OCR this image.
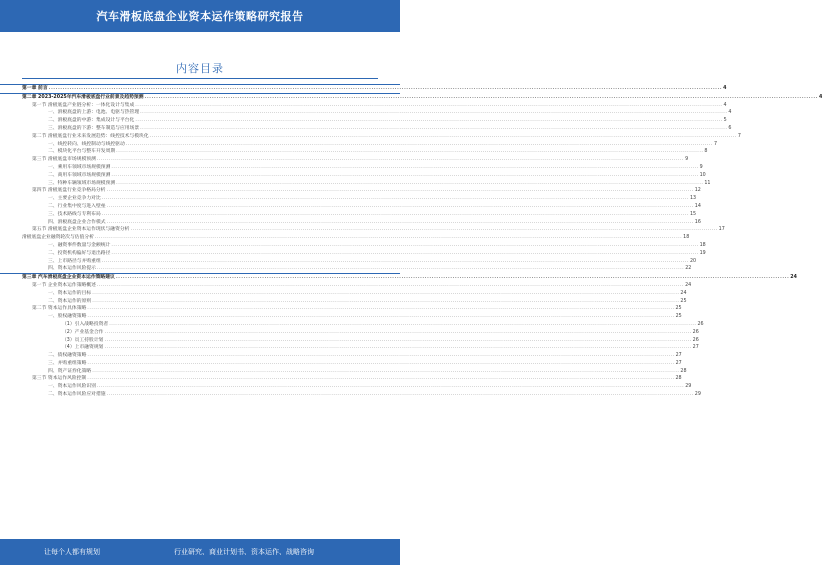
汽车滑板底盘企业资本运作策略研究报告
内容目录
第一章 前言 .....	4
第二章 2023-2025年汽车滑板底盘行业前景及趋势预测 .....	4
第一节 滑板底盘产业链分析：一体化设计与集成 .....	4
一、滑板底盘的上游：电池、电驱与热管理 .....	4
二、滑板底盘的中游：集成设计与平台化 .....	5
三、滑板底盘的下游：整车制造与应用场景 .....	6
第二节 滑板底盘行业未来发展趋势：线控技术与模块化 .....	7
一、线控转向、线控制动与线控驱动 .....	7
二、模块化平台与整车开发周期 .....	8
第三节 滑板底盘市场规模预测 .....	9
一、乘用车领域市场规模预测 .....	9
二、商用车领域市场规模预测 .....	10
三、特种车辆领域市场规模预测 .....	11
第四节 滑板底盘行业竞争格局分析 .....	12
一、主要企业竞争力对比 .....	13
二、行业集中度与进入壁垒 .....	14
三、技术路线与专利布局 .....	15
四、滑板底盘企业合作模式 .....	16
第五节 滑板底盘企业资本运作现状与融资分析 .....	17
滑板底盘企业融资轮次与估值分析 .....	18
一、融资事件数量与金额统计 .....	18
二、投资机构偏好与退出路径 .....	19
三、上市路径与并购重组 .....	20
四、资本运作风险提示 .....	22
第三章 汽车滑板底盘企业资本运作策略建议 .....	24
第一节 企业资本运作策略概述 .....	24
一、资本运作的目标 .....	24
二、资本运作的原则 .....	25
第二节 资本运作具体策略 .....	25
一、股权融资策略 .....	25
（1）引入战略投资者 .....	26
（2）产业基金合作 .....	26
（3）员工持股计划 .....	26
（4）上市融资规划 .....	27
二、债权融资策略 .....	27
三、并购重组策略 .....	27
四、资产证券化策略 .....	28
第三节 资本运作风险控制 .....	28
一、资本运作风险识别 .....	29
二、资本运作风险应对措施 .....	29
让每个人都有规划	行业研究、商业计划书、资本运作、战略咨询
